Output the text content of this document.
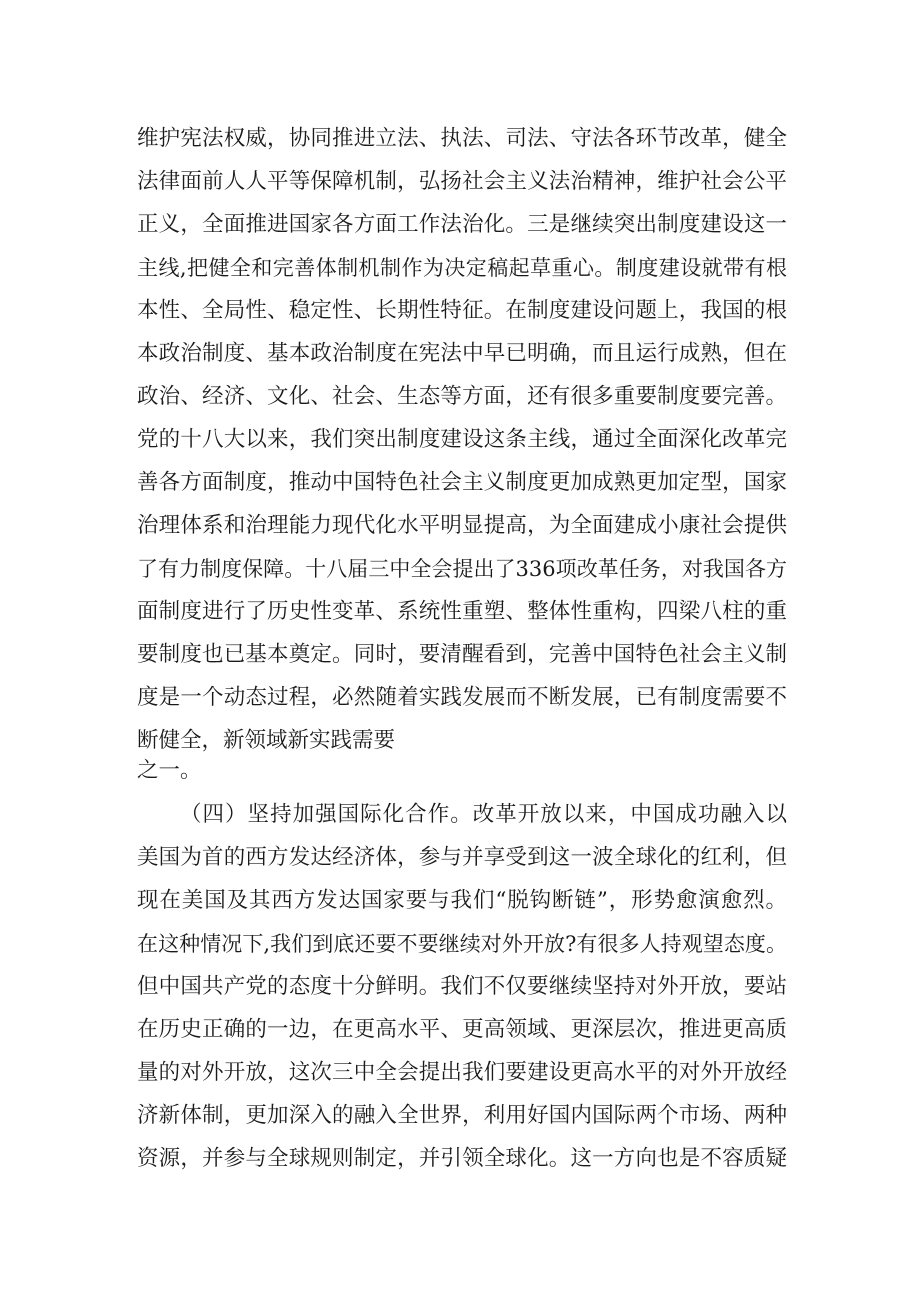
维护宪法权威，协同推进立法、执法、司法、守法各环节改革，健全
法律面前人人平等保障机制，弘扬社会主义法治精神，维护社会公平
正义，全面推进国家各方面工作法治化。三是继续突出制度建设这一
主线,把健全和完善体制机制作为决定稿起草重心。制度建设就带有根
本性、全局性、稳定性、长期性特征。在制度建设问题上，我国的根
本政治制度、基本政治制度在宪法中早已明确，而且运行成熟，但在
政治、经济、文化、社会、生态等方面，还有很多重要制度要完善。
党的十八大以来，我们突出制度建设这条主线，通过全面深化改革完
善各方面制度，推动中国特色社会主义制度更加成熟更加定型，国家
治理体系和治理能力现代化水平明显提高，为全面建成小康社会提供
了有力制度保障。十八届三中全会提出了336项改革任务，对我国各方
面制度进行了历史性变革、系统性重塑、整体性重构，四梁八柱的重
要制度也已基本奠定。同时，要清醒看到，完善中国特色社会主义制
度是一个动态过程，必然随着实践发展而不断发展，已有制度需要不
断健全，新领域新实践需要
之一。
（四）坚持加强国际化合作。改革开放以来，中国成功融入以
美国为首的西方发达经济体，参与并享受到这一波全球化的红利，但
现在美国及其西方发达国家要与我们“脱钩断链”，形势愈演愈烈。
在这种情况下,我们到底还要不要继续对外开放?有很多人持观望态度。
但中国共产党的态度十分鲜明。我们不仅要继续坚持对外开放，要站
在历史正确的一边，在更高水平、更高领域、更深层次，推进更高质
量的对外开放，这次三中全会提出我们要建设更高水平的对外开放经
济新体制，更加深入的融入全世界，利用好国内国际两个市场、两种
资源，并参与全球规则制定，并引领全球化。这一方向也是不容质疑
